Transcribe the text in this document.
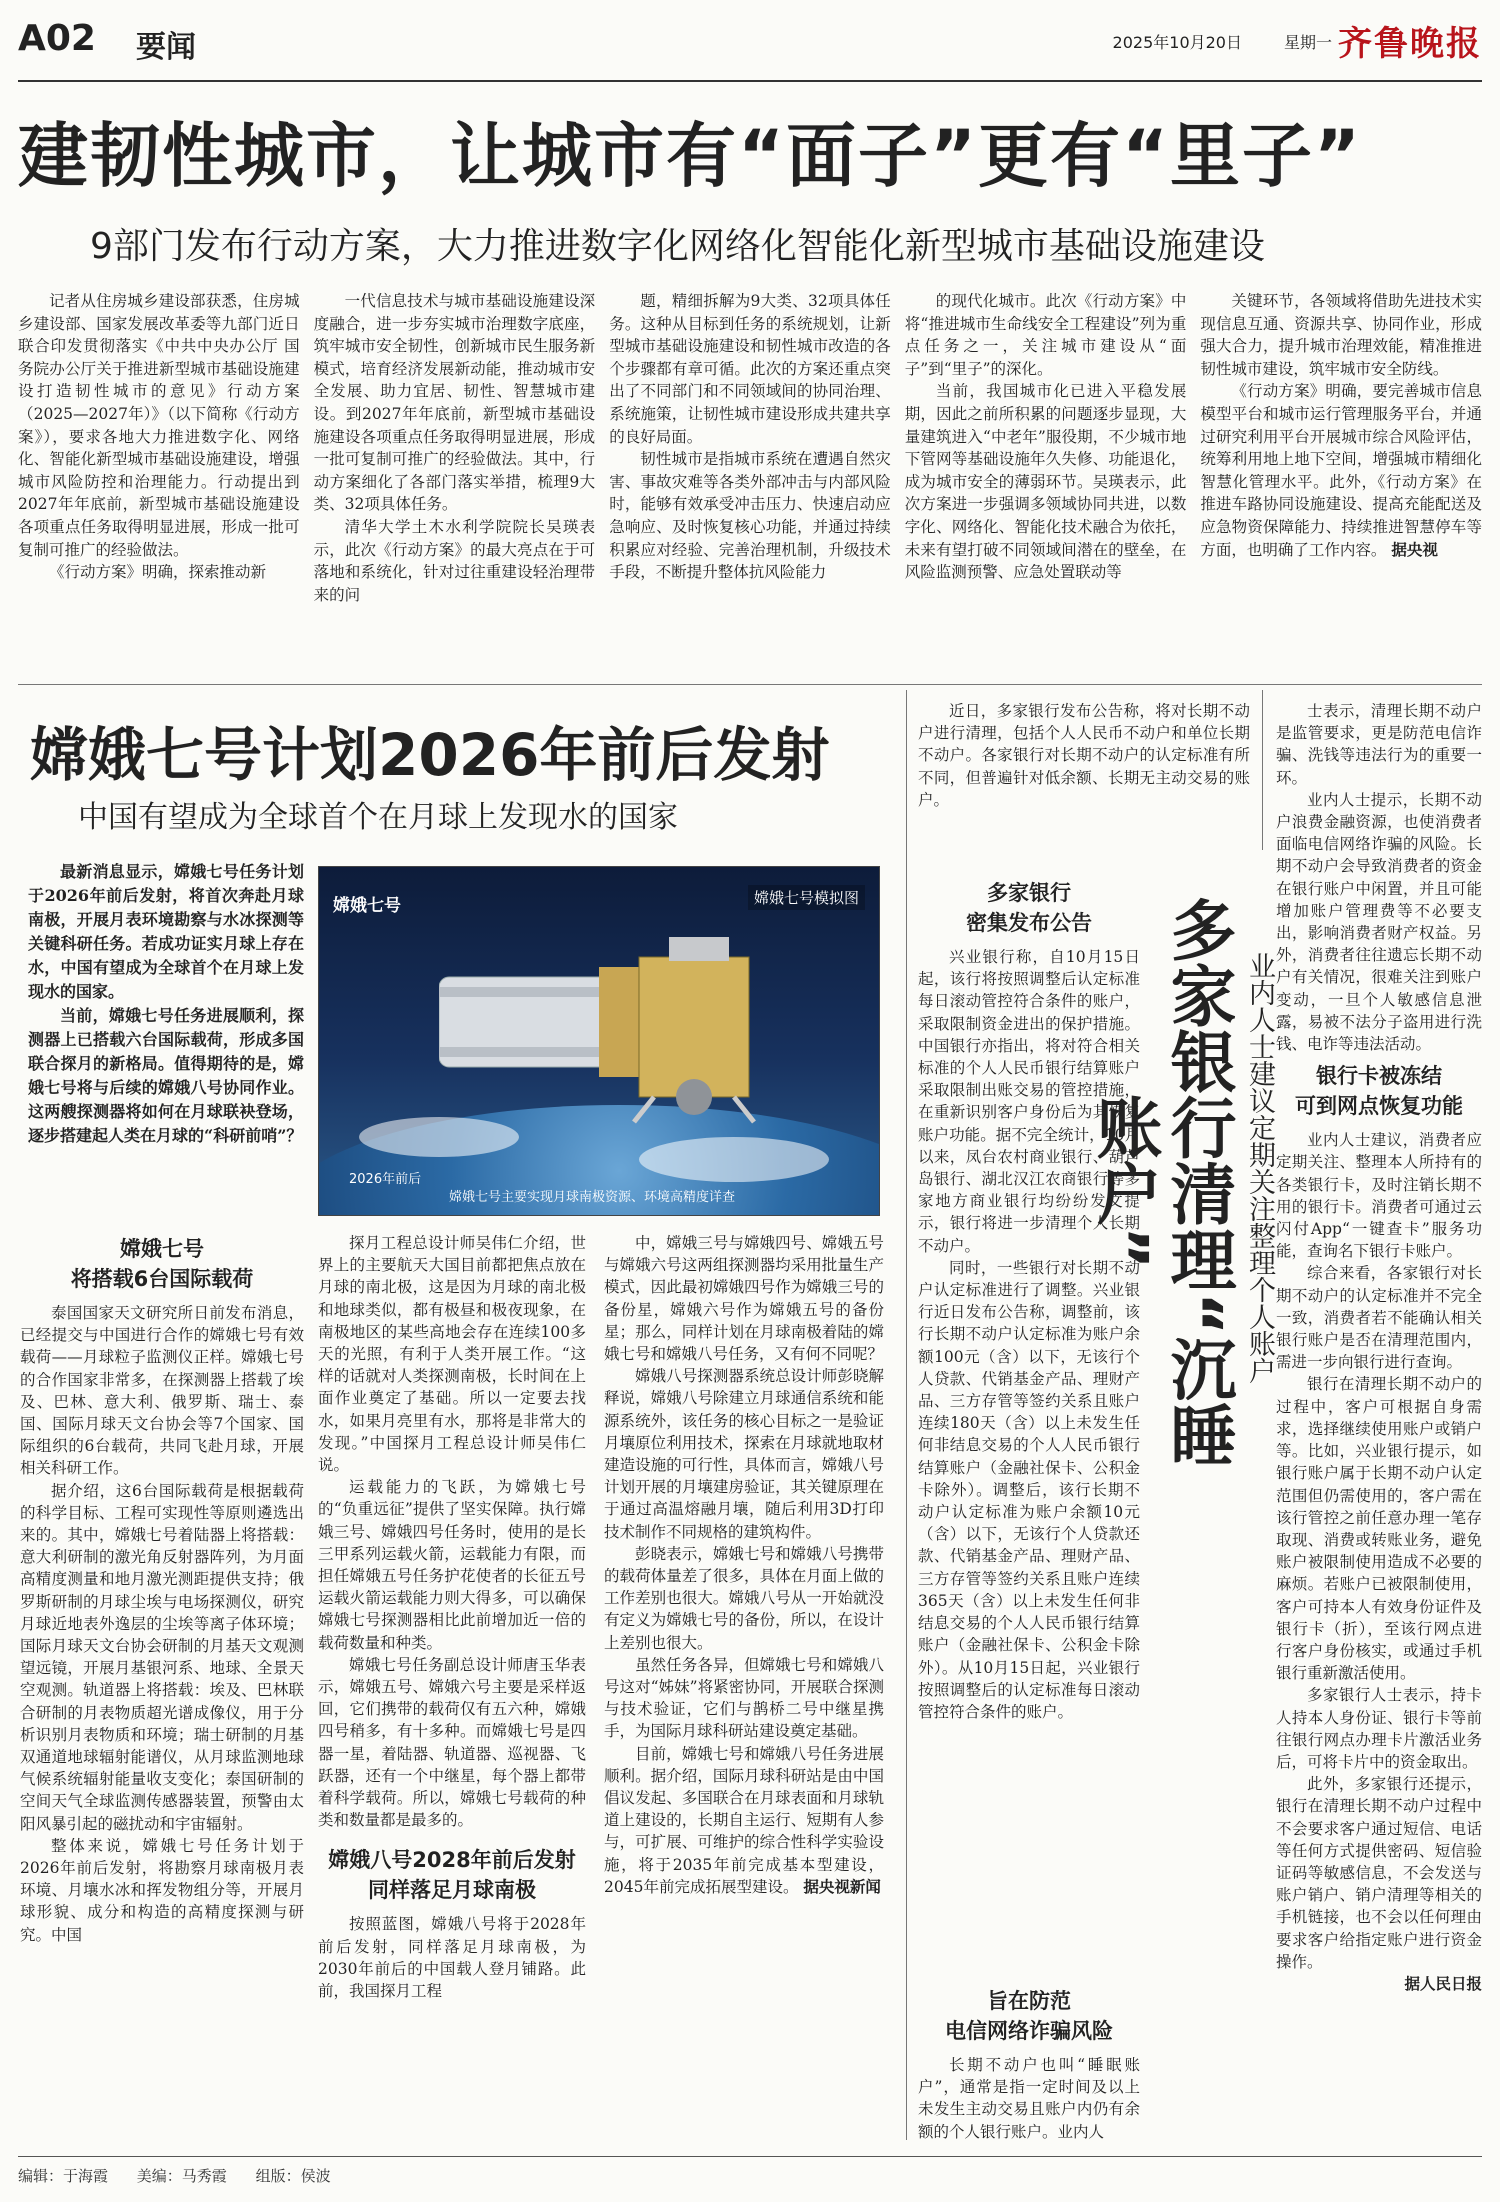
A02 要闻	2025年10月20日	星期一 齐鲁晚报
建韧性城市，让城市有“面子”更有“里子”
9部门发布行动方案，大力推进数字化网络化智能化新型城市基础设施建设

记者从住房城乡建设部获悉，住房城乡建设部、国家发展改革委等九部门近日联合印发贯彻落实《中共中央办公厅 国务院办公厅关于推进新型城市基础设施建设打造韧性城市的意见》行动方案（2025—2027年）》（以下简称《行动方案》），要求各地大力推进数字化、网络化、智能化新型城市基础设施建设，增强城市风险防控和治理能力。行动提出到2027年年底前，新型城市基础设施建设各项重点任务取得明显进展，形成一批可复制可推广的经验做法。

《行动方案》明确，探索推动新

一代信息技术与城市基础设施建设深度融合，进一步夯实城市治理数字底座，筑牢城市安全韧性，创新城市民生服务新模式，培育经济发展新动能，推动城市安全发展、助力宜居、韧性、智慧城市建设。到2027年年底前，新型城市基础设施建设各项重点任务取得明显进展，形成一批可复制可推广的经验做法。其中，行动方案细化了各部门落实举措，梳理9大类、32项具体任务。

清华大学土木水利学院院长吴瑛表示，此次《行动方案》的最大亮点在于可落地和系统化，针对过往重建设轻治理带来的问

题，精细拆解为9大类、32项具体任务。这种从目标到任务的系统规划，让新型城市基础设施建设和韧性城市改造的各个步骤都有章可循。此次的方案还重点突出了不同部门和不同领域间的协同治理、系统施策，让韧性城市建设形成共建共享的良好局面。

韧性城市是指城市系统在遭遇自然灾害、事故灾难等各类外部冲击与内部风险时，能够有效承受冲击压力、快速启动应急响应、及时恢复核心功能，并通过持续积累应对经验、完善治理机制，升级技术手段，不断提升整体抗风险能力

的现代化城市。此次《行动方案》中将“推进城市生命线安全工程建设”列为重点任务之一，关注城市建设从“面子”到“里子”的深化。

当前，我国城市化已进入平稳发展期，因此之前所积累的问题逐步显现，大量建筑进入“中老年”服役期，不少城市地下管网等基础设施年久失修、功能退化，成为城市安全的薄弱环节。吴瑛表示，此次方案进一步强调多领域协同共进，以数字化、网络化、智能化技术融合为依托，未来有望打破不同领域间潜在的壁垒，在风险监测预警、应急处置联动等

关键环节，各领域将借助先进技术实现信息互通、资源共享、协同作业，形成强大合力，提升城市治理效能，精准推进韧性城市建设，筑牢城市安全防线。

《行动方案》明确，要完善城市信息模型平台和城市运行管理服务平台，并通过研究利用平台开展城市综合风险评估，统筹利用地上地下空间，增强城市精细化智慧化管理水平。此外，《行动方案》在推进车路协同设施建设、提高充能配送及应急物资保障能力、持续推进智慧停车等方面，也明确了工作内容。 据央视

嫦娥七号计划2026年前后发射
中国有望成为全球首个在月球上发现水的国家

最新消息显示，嫦娥七号任务计划于2026年前后发射，将首次奔赴月球南极，开展月表环境勘察与水冰探测等关键科研任务。若成功证实月球上存在水，中国有望成为全球首个在月球上发现水的国家。

当前，嫦娥七号任务进展顺利，探测器上已搭载六台国际载荷，形成多国联合探月的新格局。值得期待的是，嫦娥七号将与后续的嫦娥八号协同作业。这两艘探测器将如何在月球联袂登场，逐步搭建起人类在月球的“科研前哨”？

嫦娥七号	嫦娥七号模拟图
2026年前后
嫦娥七号主要实现月球南极资源、环境高精度详查
嫦娥七号
将搭载6台国际载荷

泰国国家天文研究所日前发布消息，已经提交与中国进行合作的嫦娥七号有效载荷——月球粒子监测仪正样。嫦娥七号的合作国家非常多，在探测器上搭载了埃及、巴林、意大利、俄罗斯、瑞士、泰国、国际月球天文台协会等7个国家、国际组织的6台载荷，共同飞赴月球，开展相关科研工作。

据介绍，这6台国际载荷是根据载荷的科学目标、工程可实现性等原则遴选出来的。其中，嫦娥七号着陆器上将搭载：意大利研制的激光角反射器阵列，为月面高精度测量和地月激光测距提供支持；俄罗斯研制的月球尘埃与电场探测仪，研究月球近地表外逸层的尘埃等离子体环境；国际月球天文台协会研制的月基天文观测望远镜，开展月基银河系、地球、全景天空观测。轨道器上将搭载：埃及、巴林联合研制的月表物质超光谱成像仪，用于分析识别月表物质和环境；瑞士研制的月基双通道地球辐射能谱仪，从月球监测地球气候系统辐射能量收支变化；泰国研制的空间天气全球监测传感器装置，预警由太阳风暴引起的磁扰动和宇宙辐射。

整体来说，嫦娥七号任务计划于2026年前后发射，将勘察月球南极月表环境、月壤水冰和挥发物组分等，开展月球形貌、成分和构造的高精度探测与研究。中国

探月工程总设计师吴伟仁介绍，世界上的主要航天大国目前都把焦点放在月球的南北极，这是因为月球的南北极和地球类似，都有极昼和极夜现象，在南极地区的某些高地会存在连续100多天的光照，有利于人类开展工作。“这样的话就对人类探测南极，长时间在上面作业奠定了基础。所以一定要去找水，如果月亮里有水，那将是非常大的发现。”中国探月工程总设计师吴伟仁说。

运载能力的飞跃，为嫦娥七号的“负重远征”提供了坚实保障。执行嫦娥三号、嫦娥四号任务时，使用的是长三甲系列运载火箭，运载能力有限，而担任嫦娥五号任务护花使者的长征五号运载火箭运载能力则大得多，可以确保嫦娥七号探测器相比此前增加近一倍的载荷数量和种类。

嫦娥七号任务副总设计师唐玉华表示，嫦娥五号、嫦娥六号主要是采样返回，它们携带的载荷仅有五六种，嫦娥四号稍多，有十多种。而嫦娥七号是四器一星，着陆器、轨道器、巡视器、飞跃器，还有一个中继星，每个器上都带着科学载荷。所以，嫦娥七号载荷的种类和数量都是最多的。

嫦娥八号2028年前后发射
同样落足月球南极

按照蓝图，嫦娥八号将于2028年前后发射，同样落足月球南极，为2030年前后的中国载人登月铺路。此前，我国探月工程

中，嫦娥三号与嫦娥四号、嫦娥五号与嫦娥六号这两组探测器均采用批量生产模式，因此最初嫦娥四号作为嫦娥三号的备份星，嫦娥六号作为嫦娥五号的备份星；那么，同样计划在月球南极着陆的嫦娥七号和嫦娥八号任务，又有何不同呢？

嫦娥八号探测器系统总设计师彭晓解释说，嫦娥八号除建立月球通信系统和能源系统外，该任务的核心目标之一是验证月壤原位利用技术，探索在月球就地取材建造设施的可行性，具体而言，嫦娥八号计划开展的月壤建房验证，其关键原理在于通过高温熔融月壤，随后利用3D打印技术制作不同规格的建筑构件。

彭晓表示，嫦娥七号和嫦娥八号携带的载荷体量差了很多，具体在月面上做的工作差别也很大。嫦娥八号从一开始就没有定义为嫦娥七号的备份，所以，在设计上差别也很大。

虽然任务各异，但嫦娥七号和嫦娥八号这对“姊妹”将紧密协同，开展联合探测与技术验证，它们与鹊桥二号中继星携手，为国际月球科研站建设奠定基础。

目前，嫦娥七号和嫦娥八号任务进展顺利。据介绍，国际月球科研站是由中国倡议发起、多国联合在月球表面和月球轨道上建设的，长期自主运行、短期有人参与，可扩展、可维护的综合性科学实验设施，将于2035年前完成基本型建设，2045年前完成拓展型建设。 据央视新闻

近日，多家银行发布公告称，将对长期不动户进行清理，包括个人人民币不动户和单位长期不动户。各家银行对长期不动户的认定标准有所不同，但普遍针对低余额、长期无主动交易的账户。

多家银行清理“沉睡账户”	业内人士建议定期关注整理个人账户
多家银行
密集发布公告

兴业银行称，自10月15日起，该行将按照调整后认定标准每日滚动管控符合条件的账户，采取限制资金进出的保护措施。中国银行亦指出，将对符合相关标准的个人人民币银行结算账户采取限制出账交易的管控措施，在重新识别客户身份后为其恢复账户功能。据不完全统计，10月以来，凤台农村商业银行、葫芦岛银行、湖北汉江农商银行等多家地方商业银行均纷纷发文提示，银行将进一步清理个人长期不动户。

同时，一些银行对长期不动户认定标准进行了调整。兴业银行近日发布公告称，调整前，该行长期不动户认定标准为账户余额100元（含）以下，无该行个人贷款、代销基金产品、理财产品、三方存管等签约关系且账户连续180天（含）以上未发生任何非结息交易的个人人民币银行结算账户（金融社保卡、公积金卡除外）。调整后，该行长期不动户认定标准为账户余额10元（含）以下，无该行个人贷款还款、代销基金产品、理财产品、三方存管等签约关系且账户连续365天（含）以上未发生任何非结息交易的个人人民币银行结算账户（金融社保卡、公积金卡除外）。从10月15日起，兴业银行按照调整后的认定标准每日滚动管控符合条件的账户。

旨在防范
电信网络诈骗风险

长期不动户也叫“睡眠账户”，通常是指一定时间及以上未发生主动交易且账户内仍有余额的个人银行账户。业内人

士表示，清理长期不动户是监管要求，更是防范电信诈骗、洗钱等违法行为的重要一环。

业内人士提示，长期不动户浪费金融资源，也使消费者面临电信网络诈骗的风险。长期不动户会导致消费者的资金在银行账户中闲置，并且可能增加账户管理费等不必要支出，影响消费者财产权益。另外，消费者往往遗忘长期不动户有关情况，很难关注到账户变动，一旦个人敏感信息泄露，易被不法分子盗用进行洗钱、电诈等违法活动。

银行卡被冻结
可到网点恢复功能

业内人士建议，消费者应定期关注、整理本人所持有的各类银行卡，及时注销长期不用的银行卡。消费者可通过云闪付App“一键查卡”服务功能，查询名下银行卡账户。

综合来看，各家银行对长期不动户的认定标准并不完全一致，消费者若不能确认相关银行账户是否在清理范围内，需进一步向银行进行查询。

银行在清理长期不动户的过程中，客户可根据自身需求，选择继续使用账户或销户等。比如，兴业银行提示，如银行账户属于长期不动户认定范围但仍需使用的，客户需在该行管控之前任意办理一笔存取现、消费或转账业务，避免账户被限制使用造成不必要的麻烦。若账户已被限制使用，客户可持本人有效身份证件及银行卡（折），至该行网点进行客户身份核实，或通过手机银行重新激活使用。

多家银行人士表示，持卡人持本人身份证、银行卡等前往银行网点办理卡片激活业务后，可将卡片中的资金取出。

此外，多家银行还提示，银行在清理长期不动户过程中不会要求客户通过短信、电话等任何方式提供密码、短信验证码等敏感信息，不会发送与账户销户、销户清理等相关的手机链接，也不会以任何理由要求客户给指定账户进行资金操作。

据人民日报

编辑：于海霞 美编：马秀霞 组版：侯波
